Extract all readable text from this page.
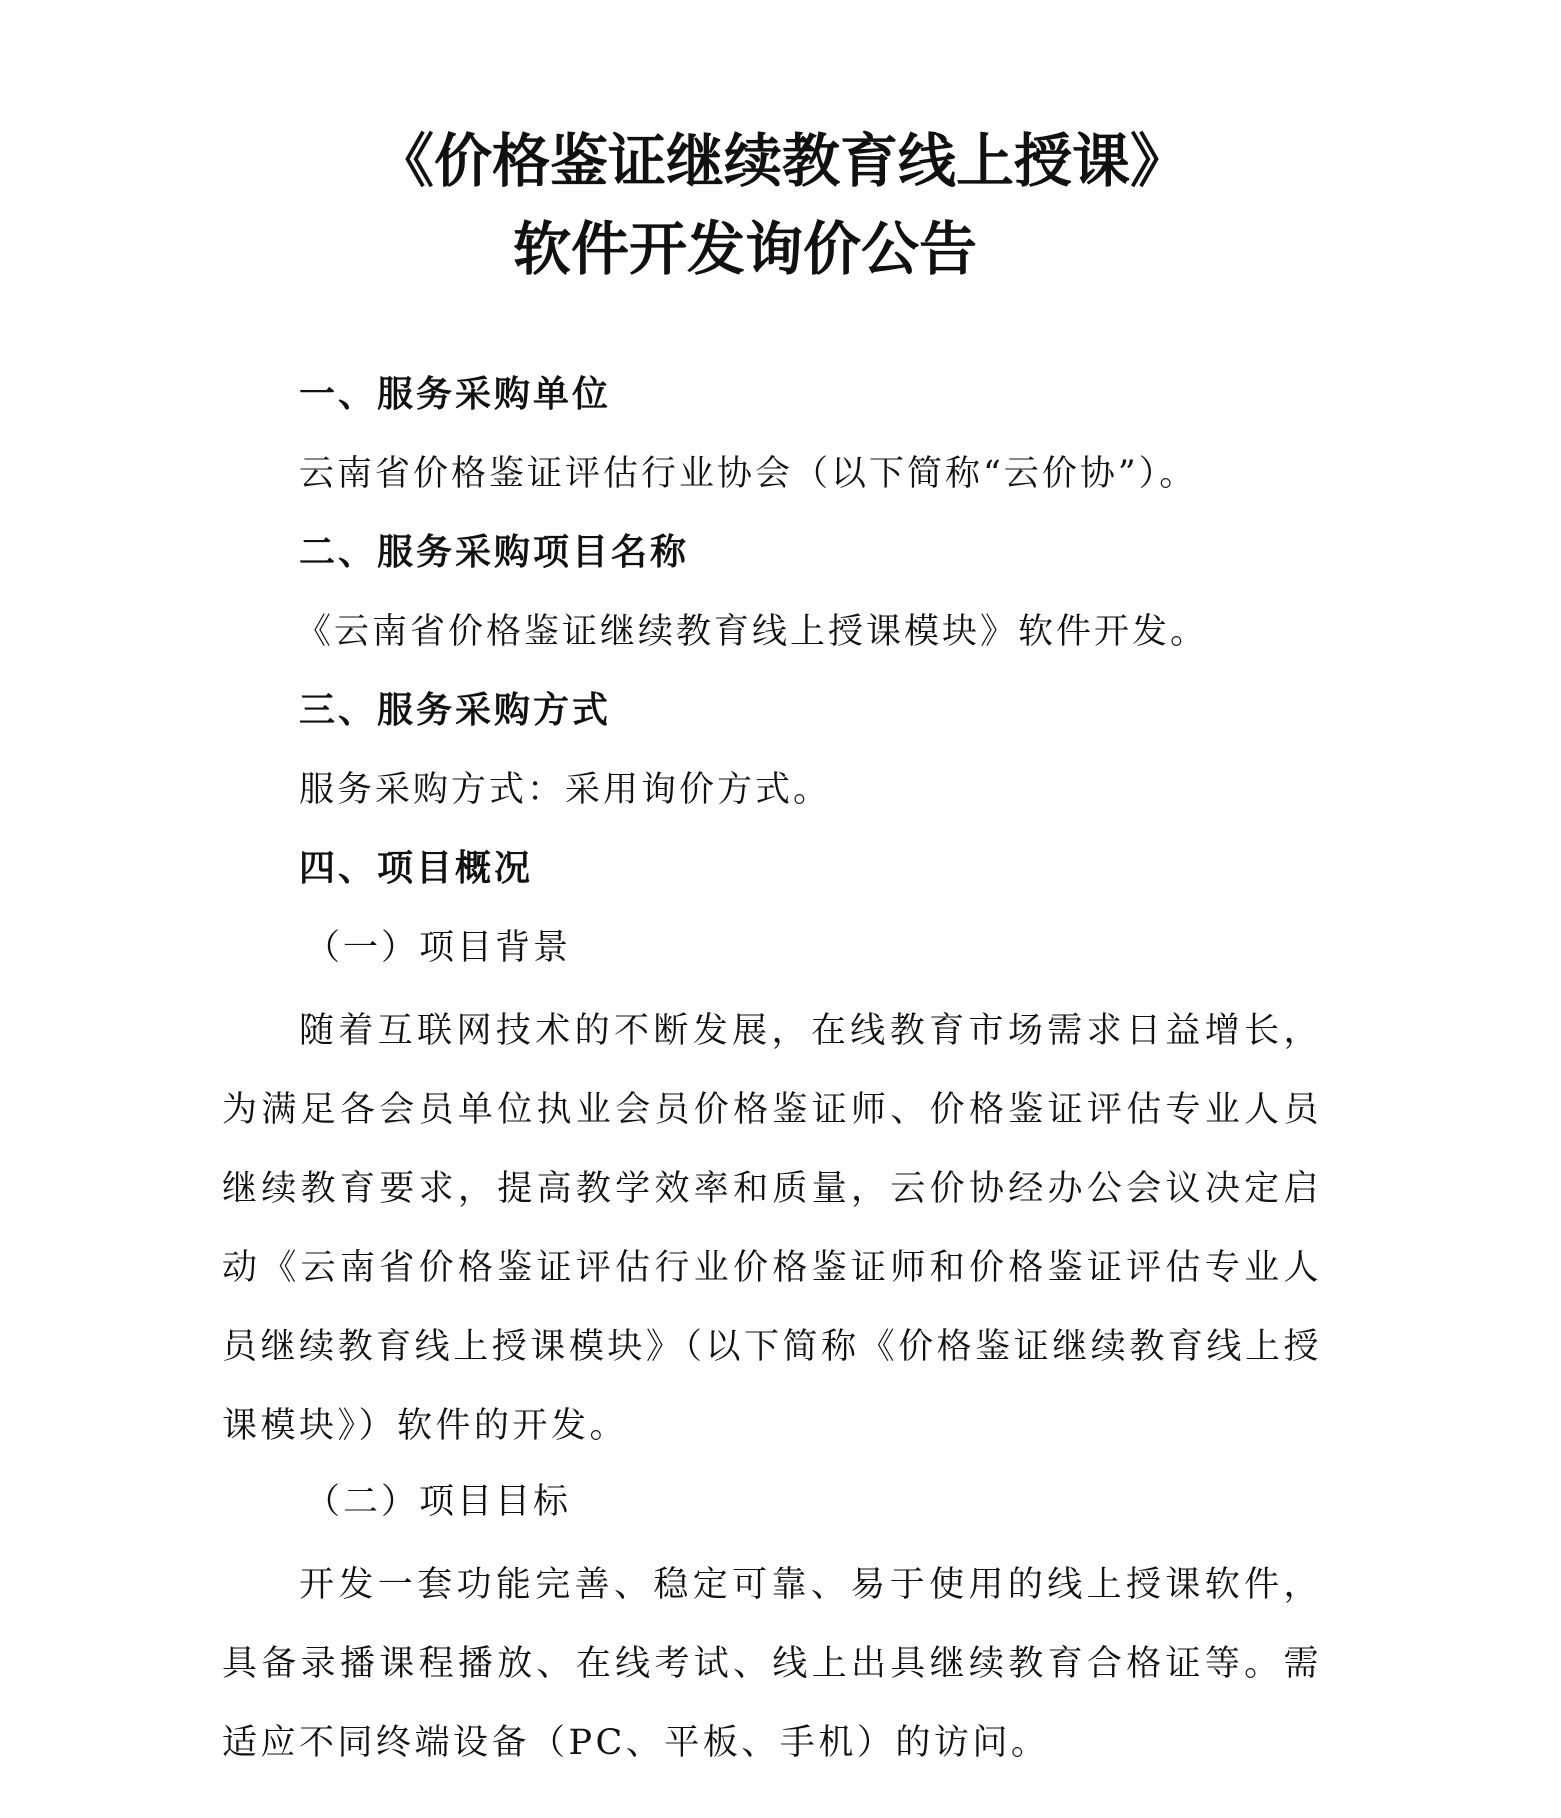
《价格鉴证继续教育线上授课》
软件开发询价公告
一、服务采购单位
云南省价格鉴证评估行业协会（以下简称“云价协”）。
二、服务采购项目名称
《云南省价格鉴证继续教育线上授课模块》软件开发。
三、服务采购方式
服务采购方式：采用询价方式。
四、项目概况
（一）项目背景
随着互联网技术的不断发展，在线教育市场需求日益增长，为满足各会员单位执业会员价格鉴证师、价格鉴证评估专业人员继续教育要求，提高教学效率和质量，云价协经办公会议决定启动《云南省价格鉴证评估行业价格鉴证师和价格鉴证评估专业人员继续教育线上授课模块》（以下简称《价格鉴证继续教育线上授课模块》）软件的开发。
（二）项目目标
开发一套功能完善、稳定可靠、易于使用的线上授课软件，具备录播课程播放、在线考试、线上出具继续教育合格证等。需适应不同终端设备（PC、平板、手机）的访问。
